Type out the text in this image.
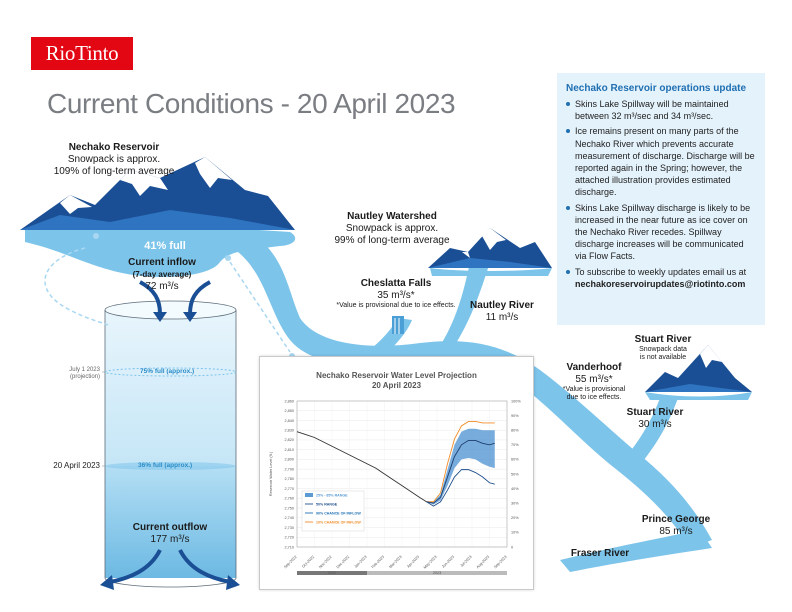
RioTinto
Current Conditions - 20 April 2023
Nechako Reservoir
Snowpack is approx.
109% of long-term average
41% full
Current inflow
(7-day average)
72 m³/s
July 1 2023
(projection)
75% full (approx.)
20 April 2023	36% full (approx.)
Current outflow
177 m³/s
Nautley Watershed
Snowpack is approx.
99% of long-term average
Cheslatta Falls
35 m³/s*
*Value is provisional due to ice effects.	Nautley River
11 m³/s
Vanderhoof
55 m³/s*
*Value is provisional
due to ice effects.
Stuart River
Snowpack data
is not available
Stuart River
30 m³/s
Prince George
85 m³/s
Fraser River
Nechako Reservoir operations update
Skins Lake Spillway will be maintained between 32 m³/sec and 34 m³/sec.
Ice remains present on many parts of the Nechako River which prevents accurate measurement of discharge. Discharge will be reported again in the Spring; however, the attached illustration provides estimated discharge.
Skins Lake Spillway discharge is likely to be increased in the near future as ice cover on the Nechako River recedes. Spillway discharge increases will be communicated via Flow Facts.
To subscribe to weekly updates email us at nechakoreservoirupdates@riotinto.com
Nechako Reservoir Water Level Projection
20 April 2023
2,860
2,850
2,840
2,830
2,820
2,810
2,800
2,790
2,780
2,770
2,760
2,750
2,740
2,730
2,720
2,710
100%
90%
80%
70%
60%
50%
40%
30%
20%
10%
0
Sep-2022 Oct-2022 Nov-2022 Dec-2022 Jan-2023 Feb-2023 Mar-2023 Apr-2023 May-2023 Jun-2023 Jul-2023 Aug-2023 Sep-2023
Reservoir Water Level (ft.)
2022	2023
25% - 85% RANGE
50% RANGE
90% CHANCE OF INFLOW
10% CHANCE OF INFLOW
